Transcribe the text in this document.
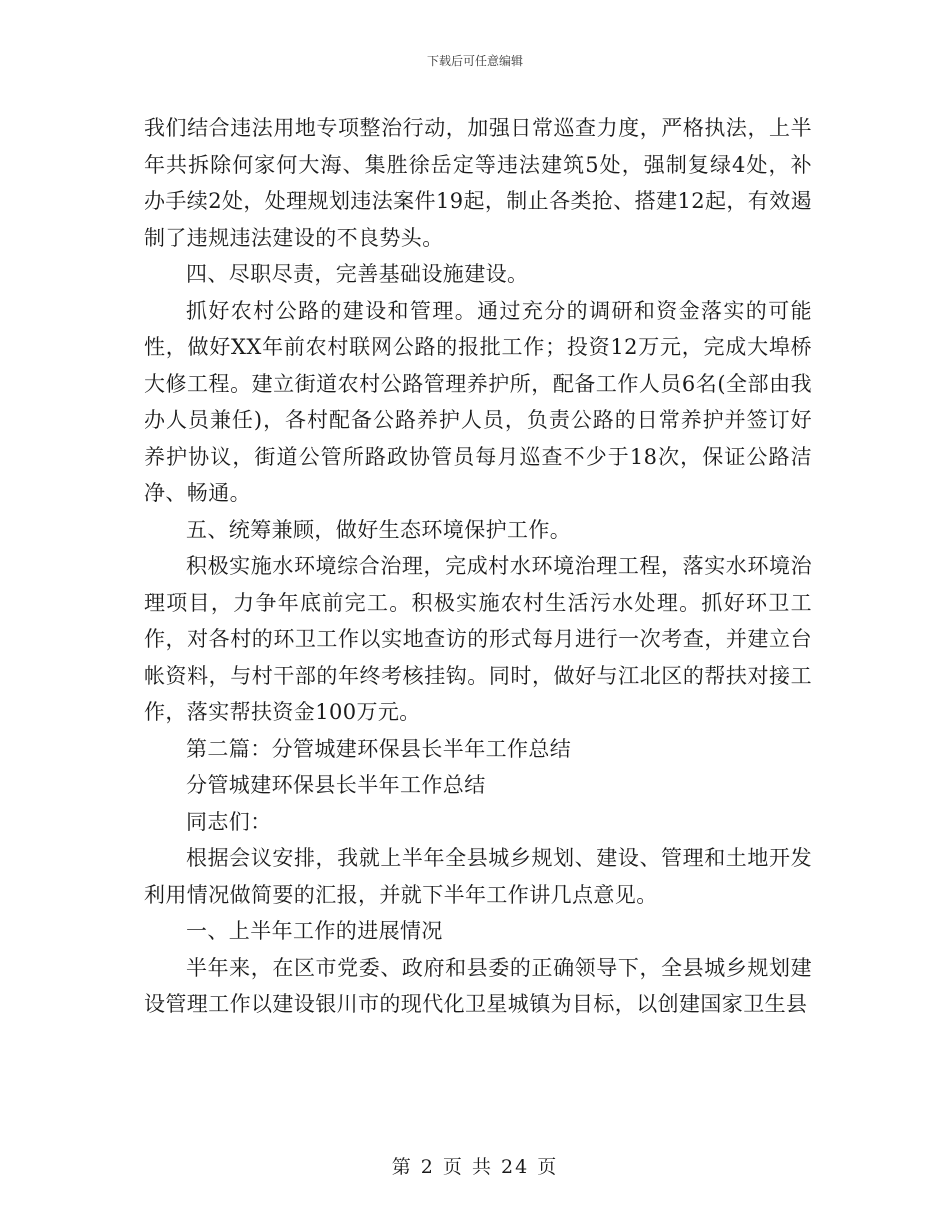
下载后可任意编辑

我们结合违法用地专项整治行动，加强日常巡查力度，严格执法，上半年共拆除何家何大海、集胜徐岳定等违法建筑5处，强制复绿4处，补办手续2处，处理规划违法案件19起，制止各类抢、搭建12起，有效遏制了违规违法建设的不良势头。

四、尽职尽责，完善基础设施建设。

抓好农村公路的建设和管理。通过充分的调研和资金落实的可能性，做好XX年前农村联网公路的报批工作；投资12万元，完成大埠桥大修工程。建立街道农村公路管理养护所，配备工作人员6名(全部由我办人员兼任)，各村配备公路养护人员，负责公路的日常养护并签订好养护协议，街道公管所路政协管员每月巡查不少于18次，保证公路洁净、畅通。

五、统筹兼顾，做好生态环境保护工作。

积极实施水环境综合治理，完成村水环境治理工程，落实水环境治理项目，力争年底前完工。积极实施农村生活污水处理。抓好环卫工作，对各村的环卫工作以实地查访的形式每月进行一次考查，并建立台帐资料，与村干部的年终考核挂钩。同时，做好与江北区的帮扶对接工作，落实帮扶资金100万元。

第二篇：分管城建环保县长半年工作总结

分管城建环保县长半年工作总结

同志们：

根据会议安排，我就上半年全县城乡规划、建设、管理和土地开发利用情况做简要的汇报，并就下半年工作讲几点意见。

一、上半年工作的进展情况

半年来，在区市党委、政府和县委的正确领导下，全县城乡规划建设管理工作以建设银川市的现代化卫星城镇为目标，以创建国家卫生县

第 2 页 共 24 页
